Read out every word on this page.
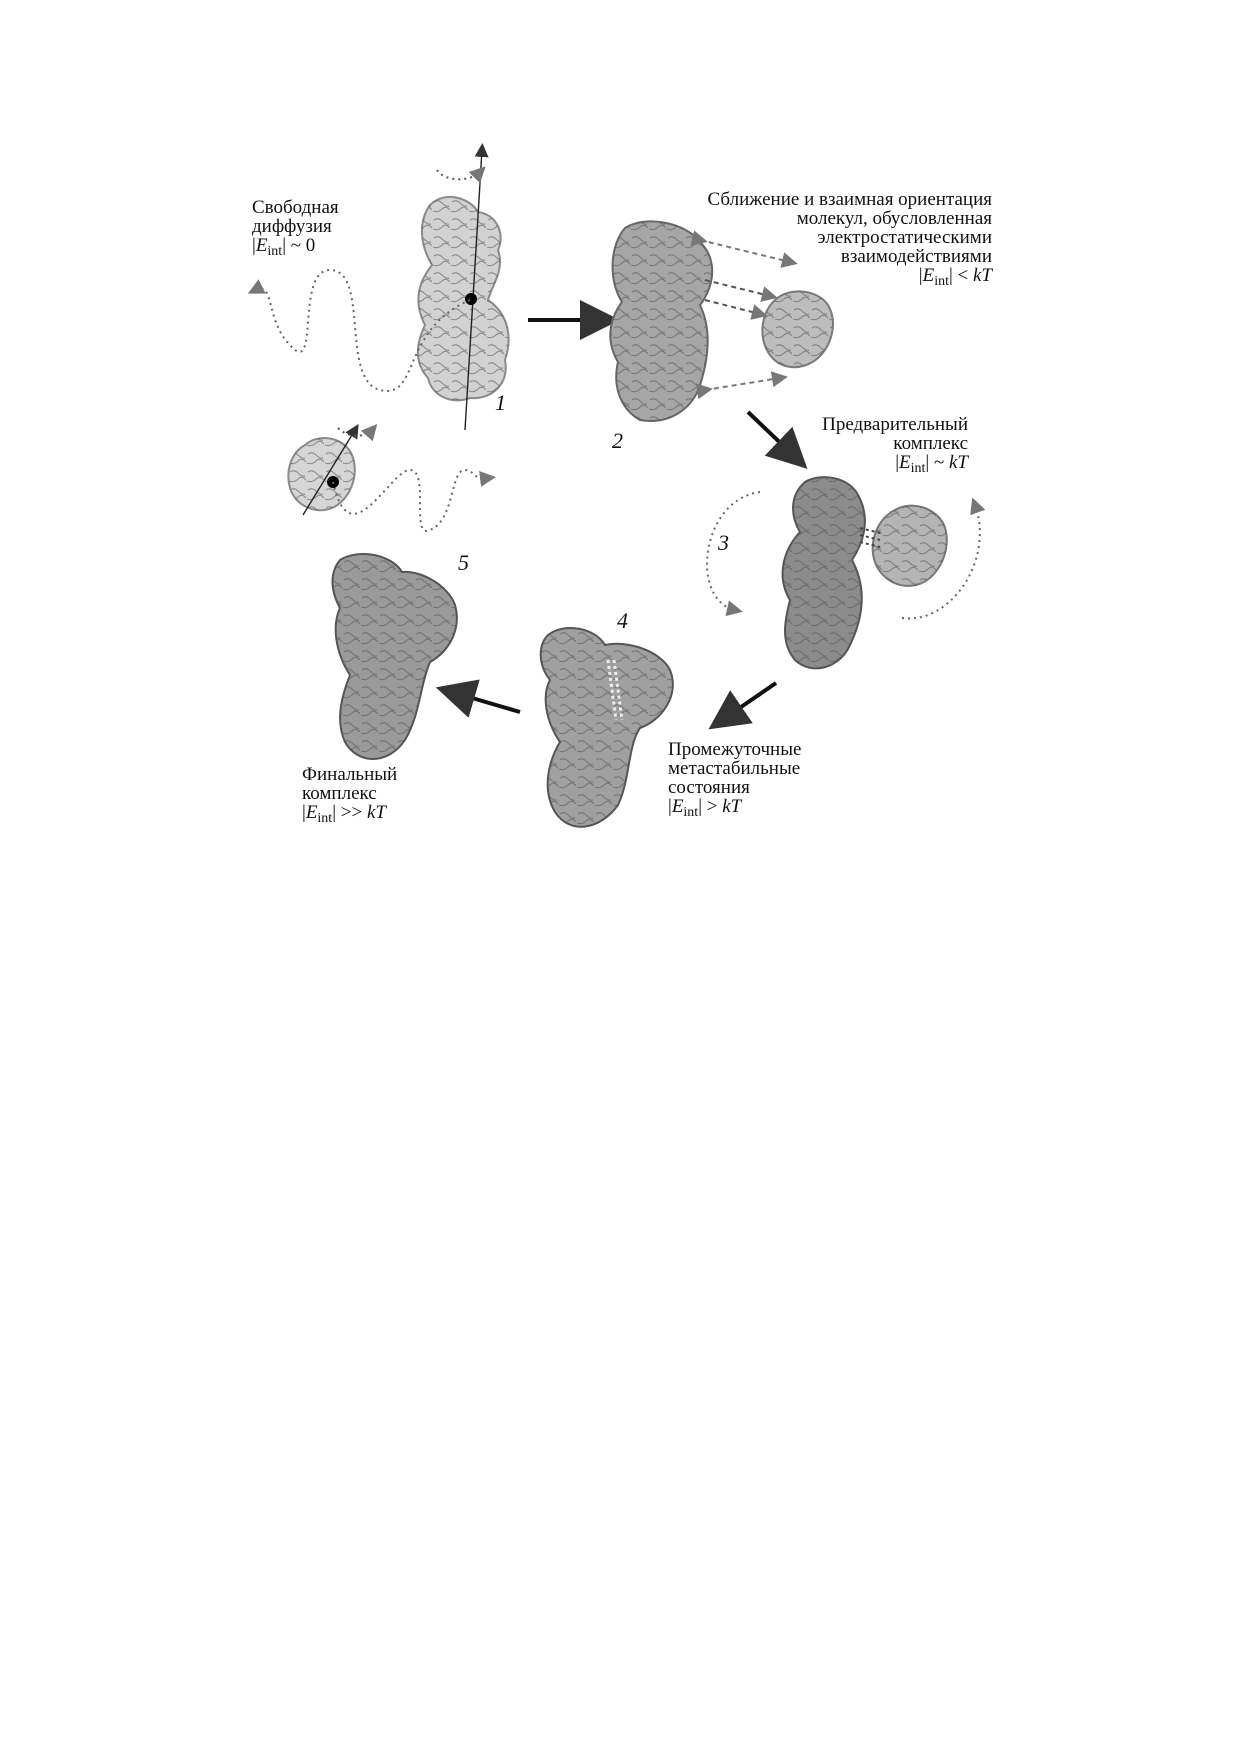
1
2
3
4
5
Свободная
диффузия
$|E_{int}|$ ~ 0
Сближение и взаимная ориентация
молекул, обусловленная
электростатическими
взаимодействиями
$|E_{int}|$ < kT
Предварительный
комплекс
$|E_{int}|$ ~ kT
Промежуточные
метастабильные
состояния
$|E_{int}|$ > kT
Финальный
комплекс
$|E_{int}|$ >> kT
